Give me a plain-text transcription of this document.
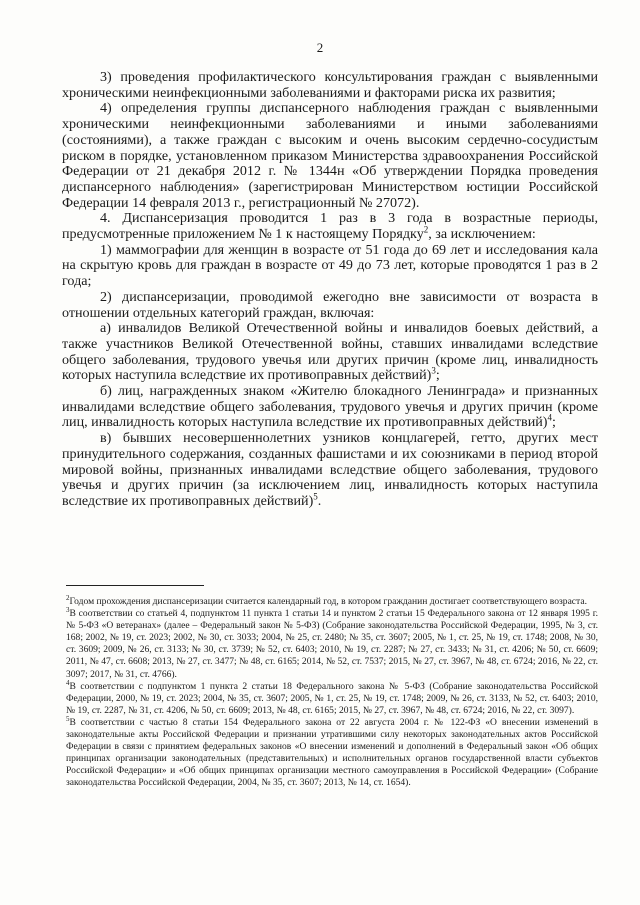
2

3) проведения профилактического консультирования граждан с выявленными хроническими неинфекционными заболеваниями и факторами риска их развития;

4) определения группы диспансерного наблюдения граждан с выявленными хроническими неинфекционными заболеваниями и иными заболеваниями (состояниями), а также граждан с высоким и очень высоким сердечно-сосудистым риском в порядке, установленном приказом Министерства здравоохранения Российской Федерации от 21 декабря 2012 г. № 1344н «Об утверждении Порядка проведения диспансерного наблюдения» (зарегистрирован Министерством юстиции Российской Федерации 14 февраля 2013 г., регистрационный № 27072).

4. Диспансеризация проводится 1 раз в 3 года в возрастные периоды, предусмотренные приложением № 1 к настоящему Порядку$^2$, за исключением:

1) маммографии для женщин в возрасте от 51 года до 69 лет и исследования кала на скрытую кровь для граждан в возрасте от 49 до 73 лет, которые проводятся 1 раз в 2 года;

2) диспансеризации, проводимой ежегодно вне зависимости от возраста в отношении отдельных категорий граждан, включая:

а) инвалидов Великой Отечественной войны и инвалидов боевых действий, а также участников Великой Отечественной войны, ставших инвалидами вследствие общего заболевания, трудового увечья или других причин (кроме лиц, инвалидность которых наступила вследствие их противоправных действий)$^3$;

б) лиц, награжденных знаком «Жителю блокадного Ленинграда» и признанных инвалидами вследствие общего заболевания, трудового увечья и других причин (кроме лиц, инвалидность которых наступила вследствие их противоправных действий)$^4$;

в) бывших несовершеннолетних узников концлагерей, гетто, других мест принудительного содержания, созданных фашистами и их союзниками в период второй мировой войны, признанных инвалидами вследствие общего заболевания, трудового увечья и других причин (за исключением лиц, инвалидность которых наступила вследствие их противоправных действий)$^5$.

$^2$Годом прохождения диспансеризации считается календарный год, в котором гражданин достигает соответствующего возраста.

$^3$В соответствии со статьей 4, подпунктом 11 пункта 1 статьи 14 и пунктом 2 статьи 15 Федерального закона от 12 января 1995 г. № 5-ФЗ «О ветеранах» (далее – Федеральный закон № 5-ФЗ) (Собрание законодательства Российской Федерации, 1995, № 3, ст. 168; 2002, № 19, ст. 2023; 2002, № 30, ст. 3033; 2004, № 25, ст. 2480; № 35, ст. 3607; 2005, № 1, ст. 25, № 19, ст. 1748; 2008, № 30, ст. 3609; 2009, № 26, ст. 3133; № 30, ст. 3739; № 52, ст. 6403; 2010, № 19, ст. 2287; № 27, ст. 3433; № 31, ст. 4206; № 50, ст. 6609; 2011, № 47, ст. 6608; 2013, № 27, ст. 3477; № 48, ст. 6165; 2014, № 52, ст. 7537; 2015, № 27, ст. 3967, № 48, ст. 6724; 2016, № 22, ст. 3097; 2017, № 31, ст. 4766).

$^4$В соответствии с подпунктом 1 пункта 2 статьи 18 Федерального закона № 5-ФЗ (Собрание законодательства Российской Федерации, 2000, № 19, ст. 2023; 2004, № 35, ст. 3607; 2005, № 1, ст. 25, № 19, ст. 1748; 2009, № 26, ст. 3133, № 52, ст. 6403; 2010, № 19, ст. 2287, № 31, ст. 4206, № 50, ст. 6609; 2013, № 48, ст. 6165; 2015, № 27, ст. 3967, № 48, ст. 6724; 2016, № 22, ст. 3097).

$^5$В соответствии с частью 8 статьи 154 Федерального закона от 22 августа 2004 г. № 122-ФЗ «О внесении изменений в законодательные акты Российской Федерации и признании утратившими силу некоторых законодательных актов Российской Федерации в связи с принятием федеральных законов «О внесении изменений и дополнений в Федеральный закон «Об общих принципах организации законодательных (представительных) и исполнительных органов государственной власти субъектов Российской Федерации» и «Об общих принципах организации местного самоуправления в Российской Федерации» (Собрание законодательства Российской Федерации, 2004, № 35, ст. 3607; 2013, № 14, ст. 1654).
